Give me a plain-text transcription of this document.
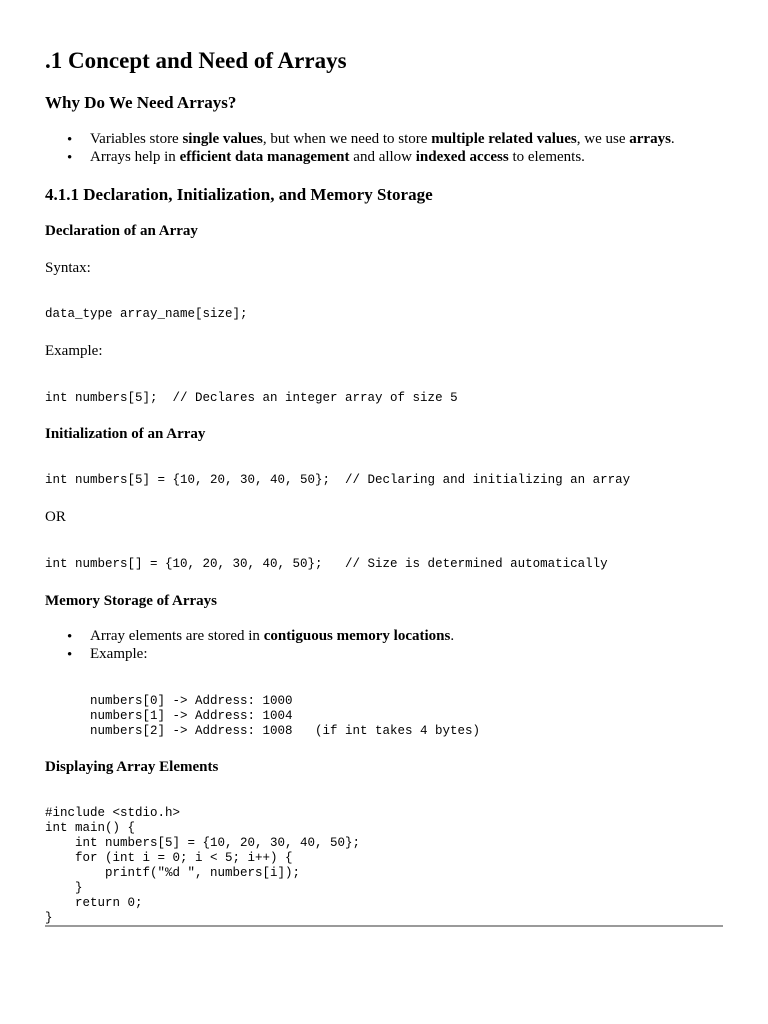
.1 Concept and Need of Arrays
Why Do We Need Arrays?
• Variables store single values, but when we need to store multiple related values, we use arrays.
• Arrays help in efficient data management and allow indexed access to elements.
4.1.1 Declaration, Initialization, and Memory Storage
Declaration of an Array
Syntax:
data_type array_name[size];
Example:
int numbers[5];  // Declares an integer array of size 5
Initialization of an Array
int numbers[5] = {10, 20, 30, 40, 50};  // Declaring and initializing an array
OR
int numbers[] = {10, 20, 30, 40, 50};   // Size is determined automatically
Memory Storage of Arrays
• Array elements are stored in contiguous memory locations.
• Example:
numbers[0] -> Address: 1000
numbers[1] -> Address: 1004
numbers[2] -> Address: 1008   (if int takes 4 bytes)
Displaying Array Elements
#include <stdio.h>
int main() {
int numbers[5] = {10, 20, 30, 40, 50};
for (int i = 0; i < 5; i++) {
printf("%d ", numbers[i]);
}
return 0;
}
